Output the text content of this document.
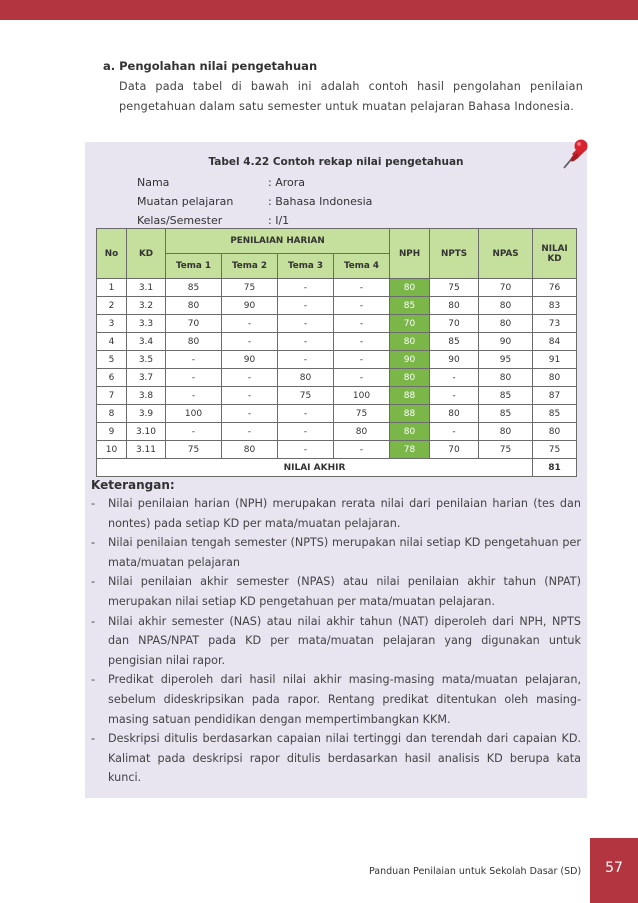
a. Pengolahan nilai pengetahuan

Data pada tabel di bawah ini adalah contoh hasil pengolahan penilaian pengetahuan dalam satu semester untuk muatan pelajaran Bahasa Indonesia.

Tabel 4.22 Contoh rekap nilai pengetahuan
Nama	: Arora
Muatan pelajaran	: Bahasa Indonesia
Kelas/Semester	: I/1
No	KD	PENILAIAN HARIAN				NPH	NPTS	NPAS	NILAI KD
		Tema 1	Tema 2	Tema 3	Tema 4				
1	3.1	85	75	-	-	80	75	70	76
2	3.2	80	90	-	-	85	80	80	83
3	3.3	70	-	-	-	70	70	80	73
4	3.4	80	-	-	-	80	85	90	84
5	3.5	-	90	-	-	90	90	95	91
6	3.7	-	-	80	-	80	-	80	80
7	3.8	-	-	75	100	88	-	85	87
8	3.9	100	-	-	75	88	80	85	85
9	3.10	-	-	-	80	80	-	80	80
10	3.11	75	80	-	-	78	70	75	75
NILAI AKHIR									81
Keterangan:
- Nilai penilaian harian (NPH) merupakan rerata nilai dari penilaian harian (tes dan nontes) pada setiap KD per mata/muatan pelajaran.
- Nilai penilaian tengah semester (NPTS) merupakan nilai setiap KD pengetahuan per mata/muatan pelajaran
- Nilai penilaian akhir semester (NPAS) atau nilai penilaian akhir tahun (NPAT) merupakan nilai setiap KD pengetahuan per mata/muatan pelajaran.
- Nilai akhir semester (NAS) atau nilai akhir tahun (NAT) diperoleh dari NPH, NPTS dan NPAS/NPAT pada KD per mata/muatan pelajaran yang digunakan untuk pengisian nilai rapor.
- Predikat diperoleh dari hasil nilai akhir masing-masing mata/muatan pelajaran, sebelum dideskripsikan pada rapor. Rentang predikat ditentukan oleh masing-masing satuan pendidikan dengan mempertimbangkan KKM.
- Deskripsi ditulis berdasarkan capaian nilai tertinggi dan terendah dari capaian KD. Kalimat pada deskripsi rapor ditulis berdasarkan hasil analisis KD berupa kata kunci.
Panduan Penilaian untuk Sekolah Dasar (SD)	57
